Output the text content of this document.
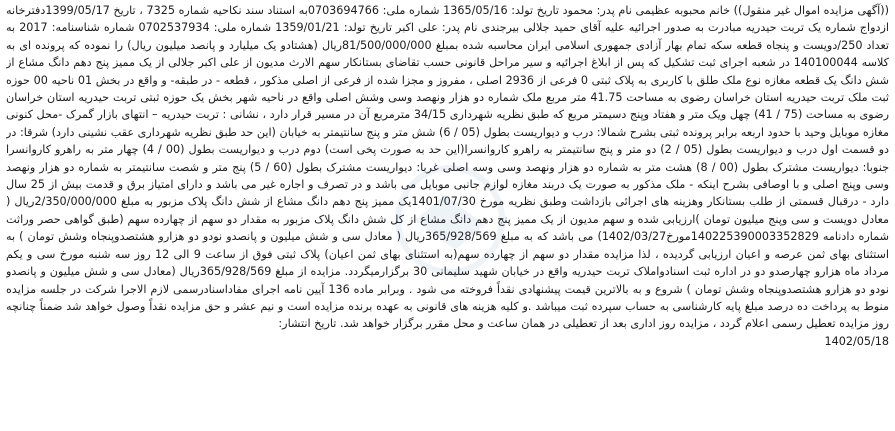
((آگهی مزایده اموال غیر منقول)) خانم محبوبه عظیمی نام پدر: محمود تاریخ تولد: 1365/05/16 شماره ملی: 0703694766به استناد سند نکاحیه شماره 7325 ، تاریخ 1399/05/17دفترخانه ازدواج شماره یک تربت حیدریه مبادرت به صدور اجرائیه علیه آقای حمید جلالی بیرجندی نام پدر: علی اکبر تاریخ تولد: 1359/01/21 شماره ملی: 0702537934 شماره شناسنامه: 2017 به تعداد 250/دویست و پنجاه قطعه سکه تمام بهار آزادی جمهوری اسلامی ایران محاسبه شده بمبلغ 81/500/000/000ریال (هشتادو یک میلیارد و پانصد میلیون ریال) را نموده که پرونده ای به کلاسه 140100044 در شعبه اجرای ثبت تشکیل که پس از ابلاغ اجرائیه و سیر مراحل قانونی حسب تقاضای بستانکار سهم الارث مدیون از علی اکبر جلالی از یک ممیز پنج دهم دانگ مشاع از شش دانگ یک قطعه مغازه نوع ملک طلق با کاربری به پلاک ثبتی 0 فرعی از 2936 اصلی ، مفروز و مجزا شده از فرعی از اصلی مذکور ، قطعه - در طبقه- و واقع در بخش 01 ناحیه 00 حوزه ثبت ملک تربت حیدریه استان خراسان رضوی به مساحت 41.75 متر مربع ملک شماره دو هزار ونهصد وسی وشش اصلی واقع در ناحیه شهر بخش یک حوزه ثبتی تربت حیدریه استان خراسان رضوی به مساحت (75 / 41) چهل ویک متر و هفتاد وپنج دسیمتر مربع که طبق نظریه شهرداری 34/15 مترمربع آن در مسیر قرار دارد ، نشانی : تربت حیدریه – انتهای بازار گمرک -محل کنونی مغازه موبایل وحید با حدود اربعه برابر پرونده ثبتی بشرح شمالا: درب و دیواریست بطول (05 / 6) شش متر و پنج سانتیمتر به خیابان (این حد طبق نظریه شهرداری عقب نشینی دارد) شرقا: در دو قسمت اول درب و دیواریست بطول (05 / 2) دو متر و پنج سانتیمتر به راهرو کاروانسرا(این حد به صورت پخی است) دوم درب و دیواریست بطول (00 / 4) چهار متر به راهرو کاروانسرا جنوبا: دیواریست مشترک بطول (00 / 8) هشت متر به شماره دو هزار ونهصد وسی وسه اصلی غربا: دیواریست مشترک بطول (60 / 5) پنج متر و شصت سانتیمتر به شماره دو هزار ونهصد وسی وپنج اصلی و با اوصافی بشرح اینکه - ملک مذکور به صورت یک دربند مغازه لوازم جانبی موبایل می باشد و در تصرف و اجاره غیر می باشد و دارای امتیاز برق و قدمت بیش از 25 سال دارد - درقبال قسمتی از طلب بستانکار وهزینه های اجرائی بازداشت وطبق نظریه مورخ 1401/07/30یک ممیز پنج دهم دانگ مشاع از شش دانگ پلاک مزبور به مبلغ 2/350/000/000ریال ( معادل دویست و سی وپنج میلیون تومان )ارزیابی شده و سهم مدیون از یک ممیز پنج دهم دانگ مشاع از کل شش دانگ پلاک مزبور به مقدار دو سهم از چهارده سهم (طبق گواهی حصر وراثت شماره دادنامه 140225390003352829مورخ1402/03/27) می باشد که به مبلغ 365/928/569ریال ( معادل سی و شش میلیون و پانصدو نودو دو هزارو هشتصدوپنجاه وشش تومان ) به استثنای بهای ثمن عرصه و اعیان ارزیابی گردیده ، لذا مزایده مقدار دو سهم از چهارده سهم(به استثنای بهای ثمن اعیان) پلاک ثبتی فوق از ساعت 9 الی 12 روز سه شنبه مورخ سی و یکم مرداد ماه هزارو چهارصدو دو در اداره ثبت اسنادواملاک تربت حیدریه واقع در خیابان شهید سلیمانی 30 برگزارمیگردد. مزایده از مبلغ 365/928/569ریال (معادل سی و شش میلیون و پانصدو نودو دو هزارو هشتصدوپنجاه وشش تومان ) شروع و به بالاترین قیمت پیشنهادی نقداً فروخته می شود . وبرابر ماده 136 آیین نامه اجرای مفاداسنادرسمی لازم الاجرا شرکت در جلسه مزایده منوط به پرداخت ده درصد مبلغ پایه کارشناسی به حساب سپرده ثبت میباشد .و کلیه هزینه های قانونی به عهده برنده مزایده است و نیم عشر و حق مزایده نقداً وصول خواهد شد ضمناً چنانچه روز مزایده تعطیل رسمی اعلام گردد ، مزایده روز اداری بعد از تعطیلی در همان ساعت و محل مقرر برگزار خواهد شد. تاریخ انتشار:

1402/05/18
